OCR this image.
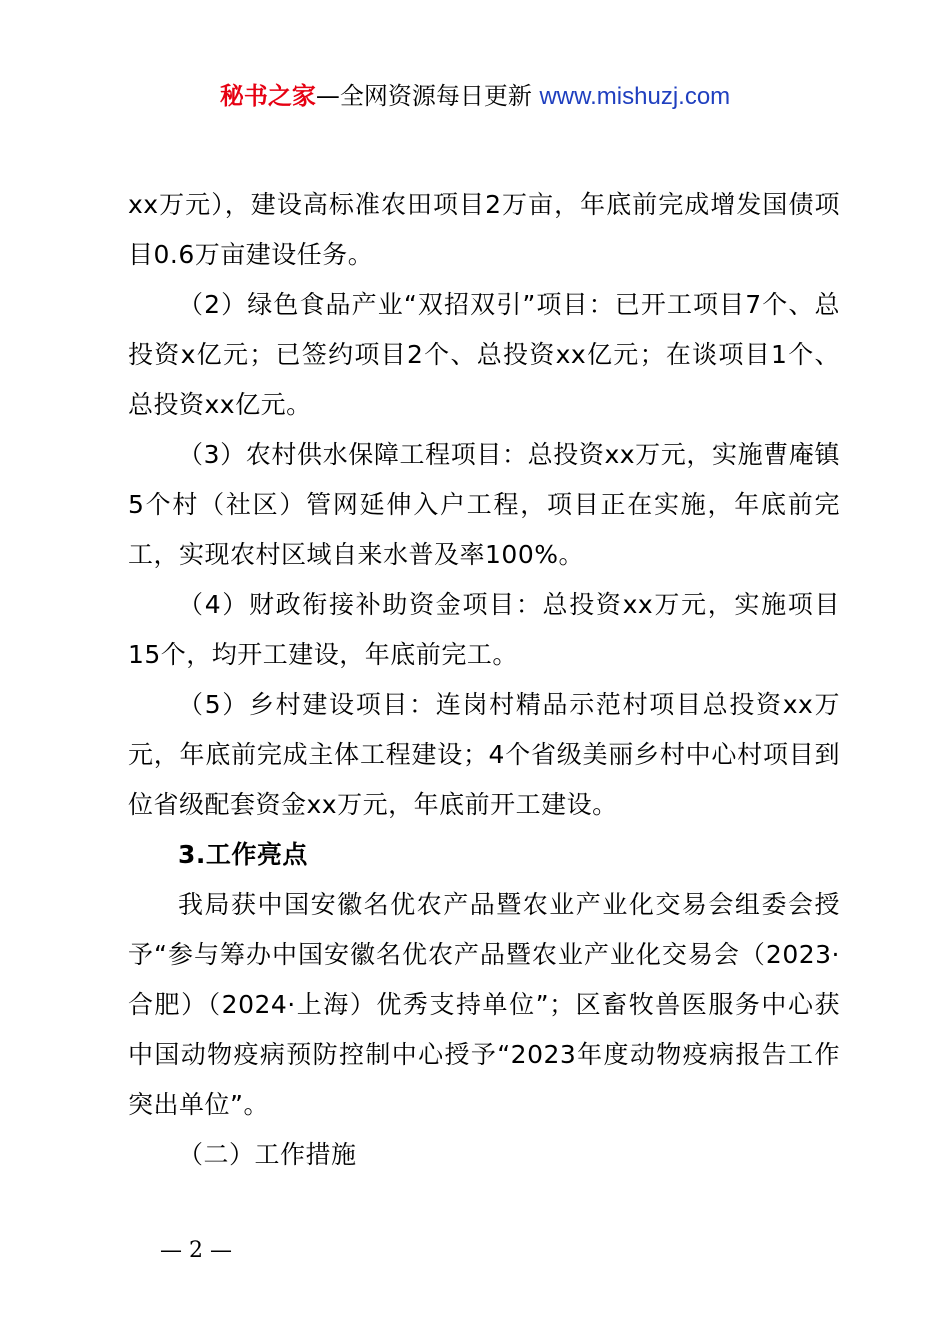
秘书之家—全网资源每日更新 www.mishuzj.com

xx万元），建设高标准农田项目2万亩，年底前完成增发国债项目0.6万亩建设任务。

（2）绿色食品产业“双招双引”项目：已开工项目7个、总投资x亿元；已签约项目2个、总投资xx亿元；在谈项目1个、总投资xx亿元。

（3）农村供水保障工程项目：总投资xx万元，实施曹庵镇5个村（社区）管网延伸入户工程，项目正在实施，年底前完工，实现农村区域自来水普及率100%。

（4）财政衔接补助资金项目：总投资xx万元，实施项目15个，均开工建设，年底前完工。

（5）乡村建设项目：连岗村精品示范村项目总投资xx万元，年底前完成主体工程建设；4个省级美丽乡村中心村项目到位省级配套资金xx万元，年底前开工建设。

3.工作亮点

我局获中国安徽名优农产品暨农业产业化交易会组委会授予“参与筹办中国安徽名优农产品暨农业产业化交易会（2023·合肥）（2024·上海）优秀支持单位”；区畜牧兽医服务中心获中国动物疫病预防控制中心授予“2023年度动物疫病报告工作突出单位”。

（二）工作措施

— 2 —
